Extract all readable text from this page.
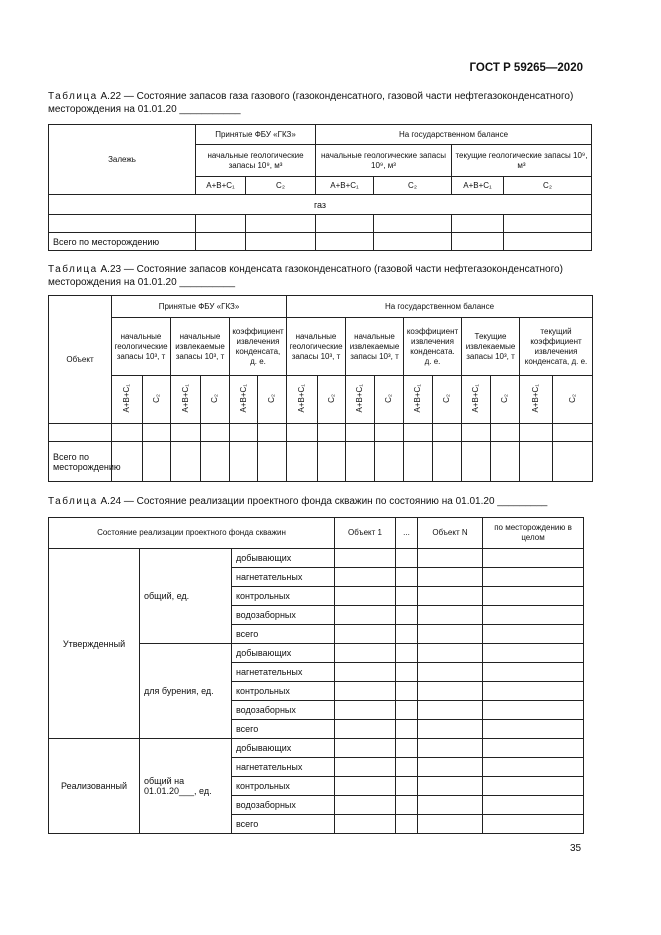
ГОСТ Р 59265—2020
Таблица А.22 — Состояние запасов газа газового (газоконденсатного, газовой части нефтегазоконденсатного) месторождения на 01.01.20 ___________
Залежь	Принятые ФБУ «ГКЗ»		На государственном балансе			
	начальные геологические запасы 10⁹, м³		начальные геологические запасы 10⁹, м³		текущие геологические запасы 10⁹, м³	
	А+В+С₁	С₂	А+В+С₁	С₂	А+В+С₁	С₂
газ						

Всего по месторождению						
Таблица А.23 — Состояние запасов конденсата газоконденсатного (газовой части нефтегазоконденсатного) месторождения на 01.01.20 __________
Объект	Принятые ФБУ «ГКЗ»						На государственном балансе									
	начальные геологические запасы 10³, т		начальные извлекаемые запасы 10³, т		коэффициент извлечения конденсата, д. е.		начальные геологические запасы 10³, т		начальные извлекаемые запасы 10³, т		коэффициент извлечения конденсата. д. е.		Текущие извлекаемые запасы 10³, т		текущий коэффициент извлечения конденсата, д. е.	
	А+В+С₁	С₂	А+В+С₁	С₂	А+В+С₁	С₂	А+В+С₁	С₂	А+В+С₁	С₂	А+В+С₁	С₂	А+В+С₁	С₂	А+В+С₁	С₂

Всего по месторождению																
Таблица А.24 — Состояние реализации проектного фонда скважин по состоянию на 01.01.20 _________
Состояние реализации проектного фонда скважин			Объект 1	...	Объект N	по месторождению в целом
Утвержденный	общий, ед.	добывающих				
		нагнетательных				
		контрольных				
		водозаборных				
		всего				
	для бурения, ед.	добывающих				
		нагнетательных				
		контрольных				
		водозаборных				
		всего				
Реализованный	общий на 01.01.20___, ед.	добывающих				
		нагнетательных				
		контрольных				
		водозаборных				
		всего				
35
